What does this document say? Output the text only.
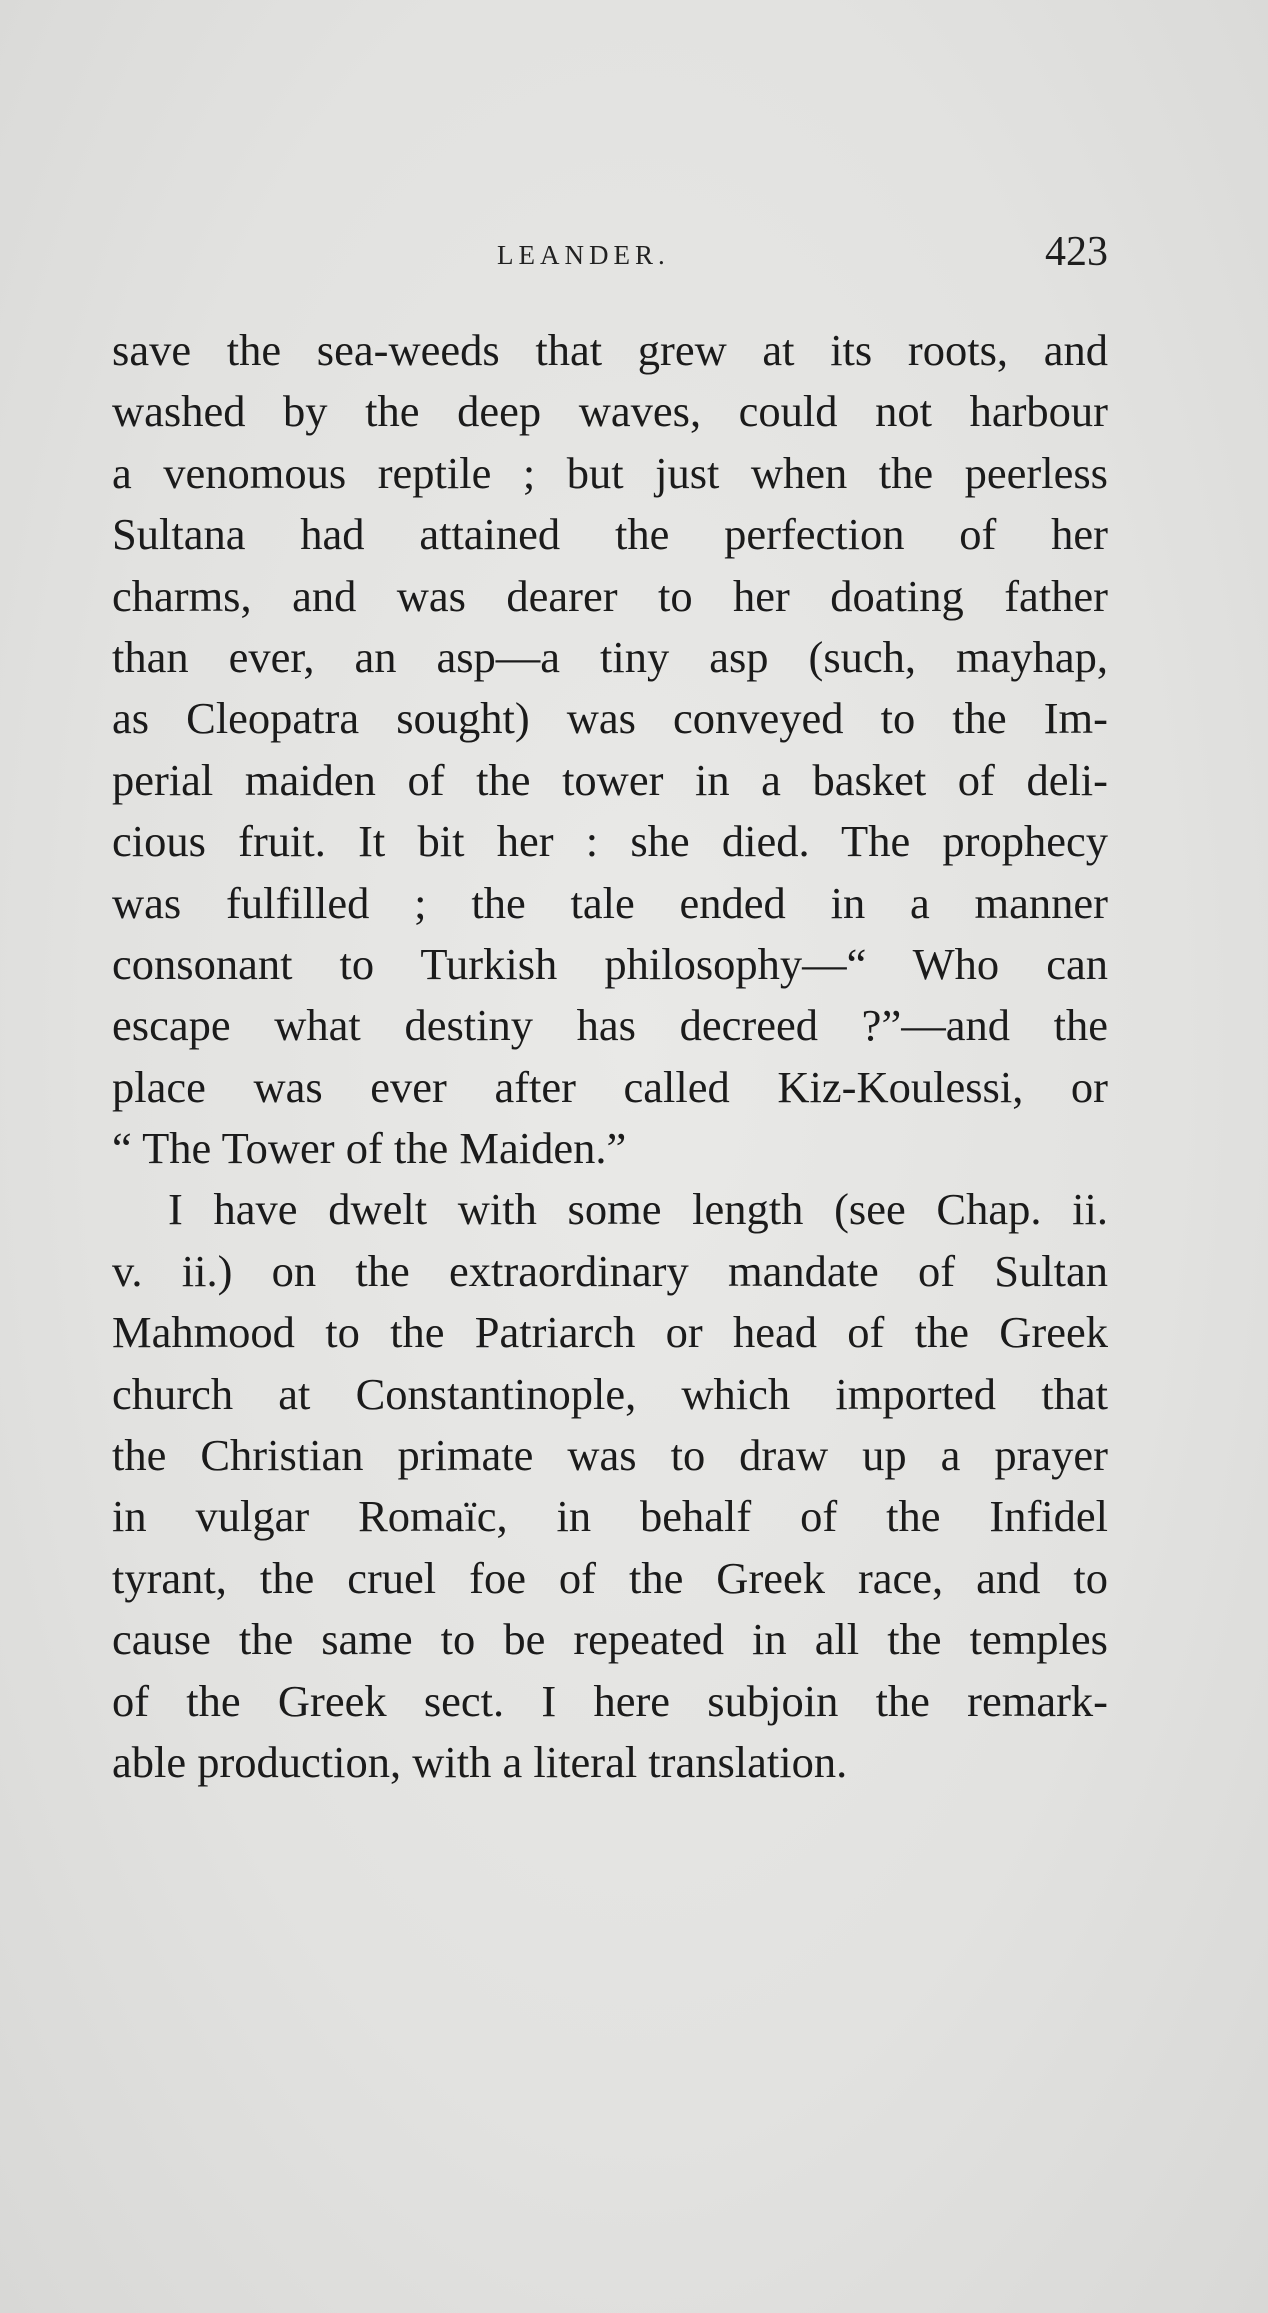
LEANDER.	423
save the sea-weeds that grew at its roots, and
washed by the deep waves, could not harbour
a venomous reptile ; but just when the peerless
Sultana had attained the perfection of her
charms, and was dearer to her doating father
than ever, an asp—a tiny asp (such, mayhap,
as Cleopatra sought) was conveyed to the Im-
perial maiden of the tower in a basket of deli-
cious fruit. It bit her : she died. The prophecy
was fulfilled ; the tale ended in a manner
consonant to Turkish philosophy—“ Who can
escape what destiny has decreed ?”—and the
place was ever after called Kiz-Koulessi, or
“ The Tower of the Maiden.”
I have dwelt with some length (see Chap. ii.
v. ii.) on the extraordinary mandate of Sultan
Mahmood to the Patriarch or head of the Greek
church at Constantinople, which imported that
the Christian primate was to draw up a prayer
in vulgar Romaïc, in behalf of the Infidel
tyrant, the cruel foe of the Greek race, and to
cause the same to be repeated in all the temples
of the Greek sect. I here subjoin the remark-
able production, with a literal translation.
